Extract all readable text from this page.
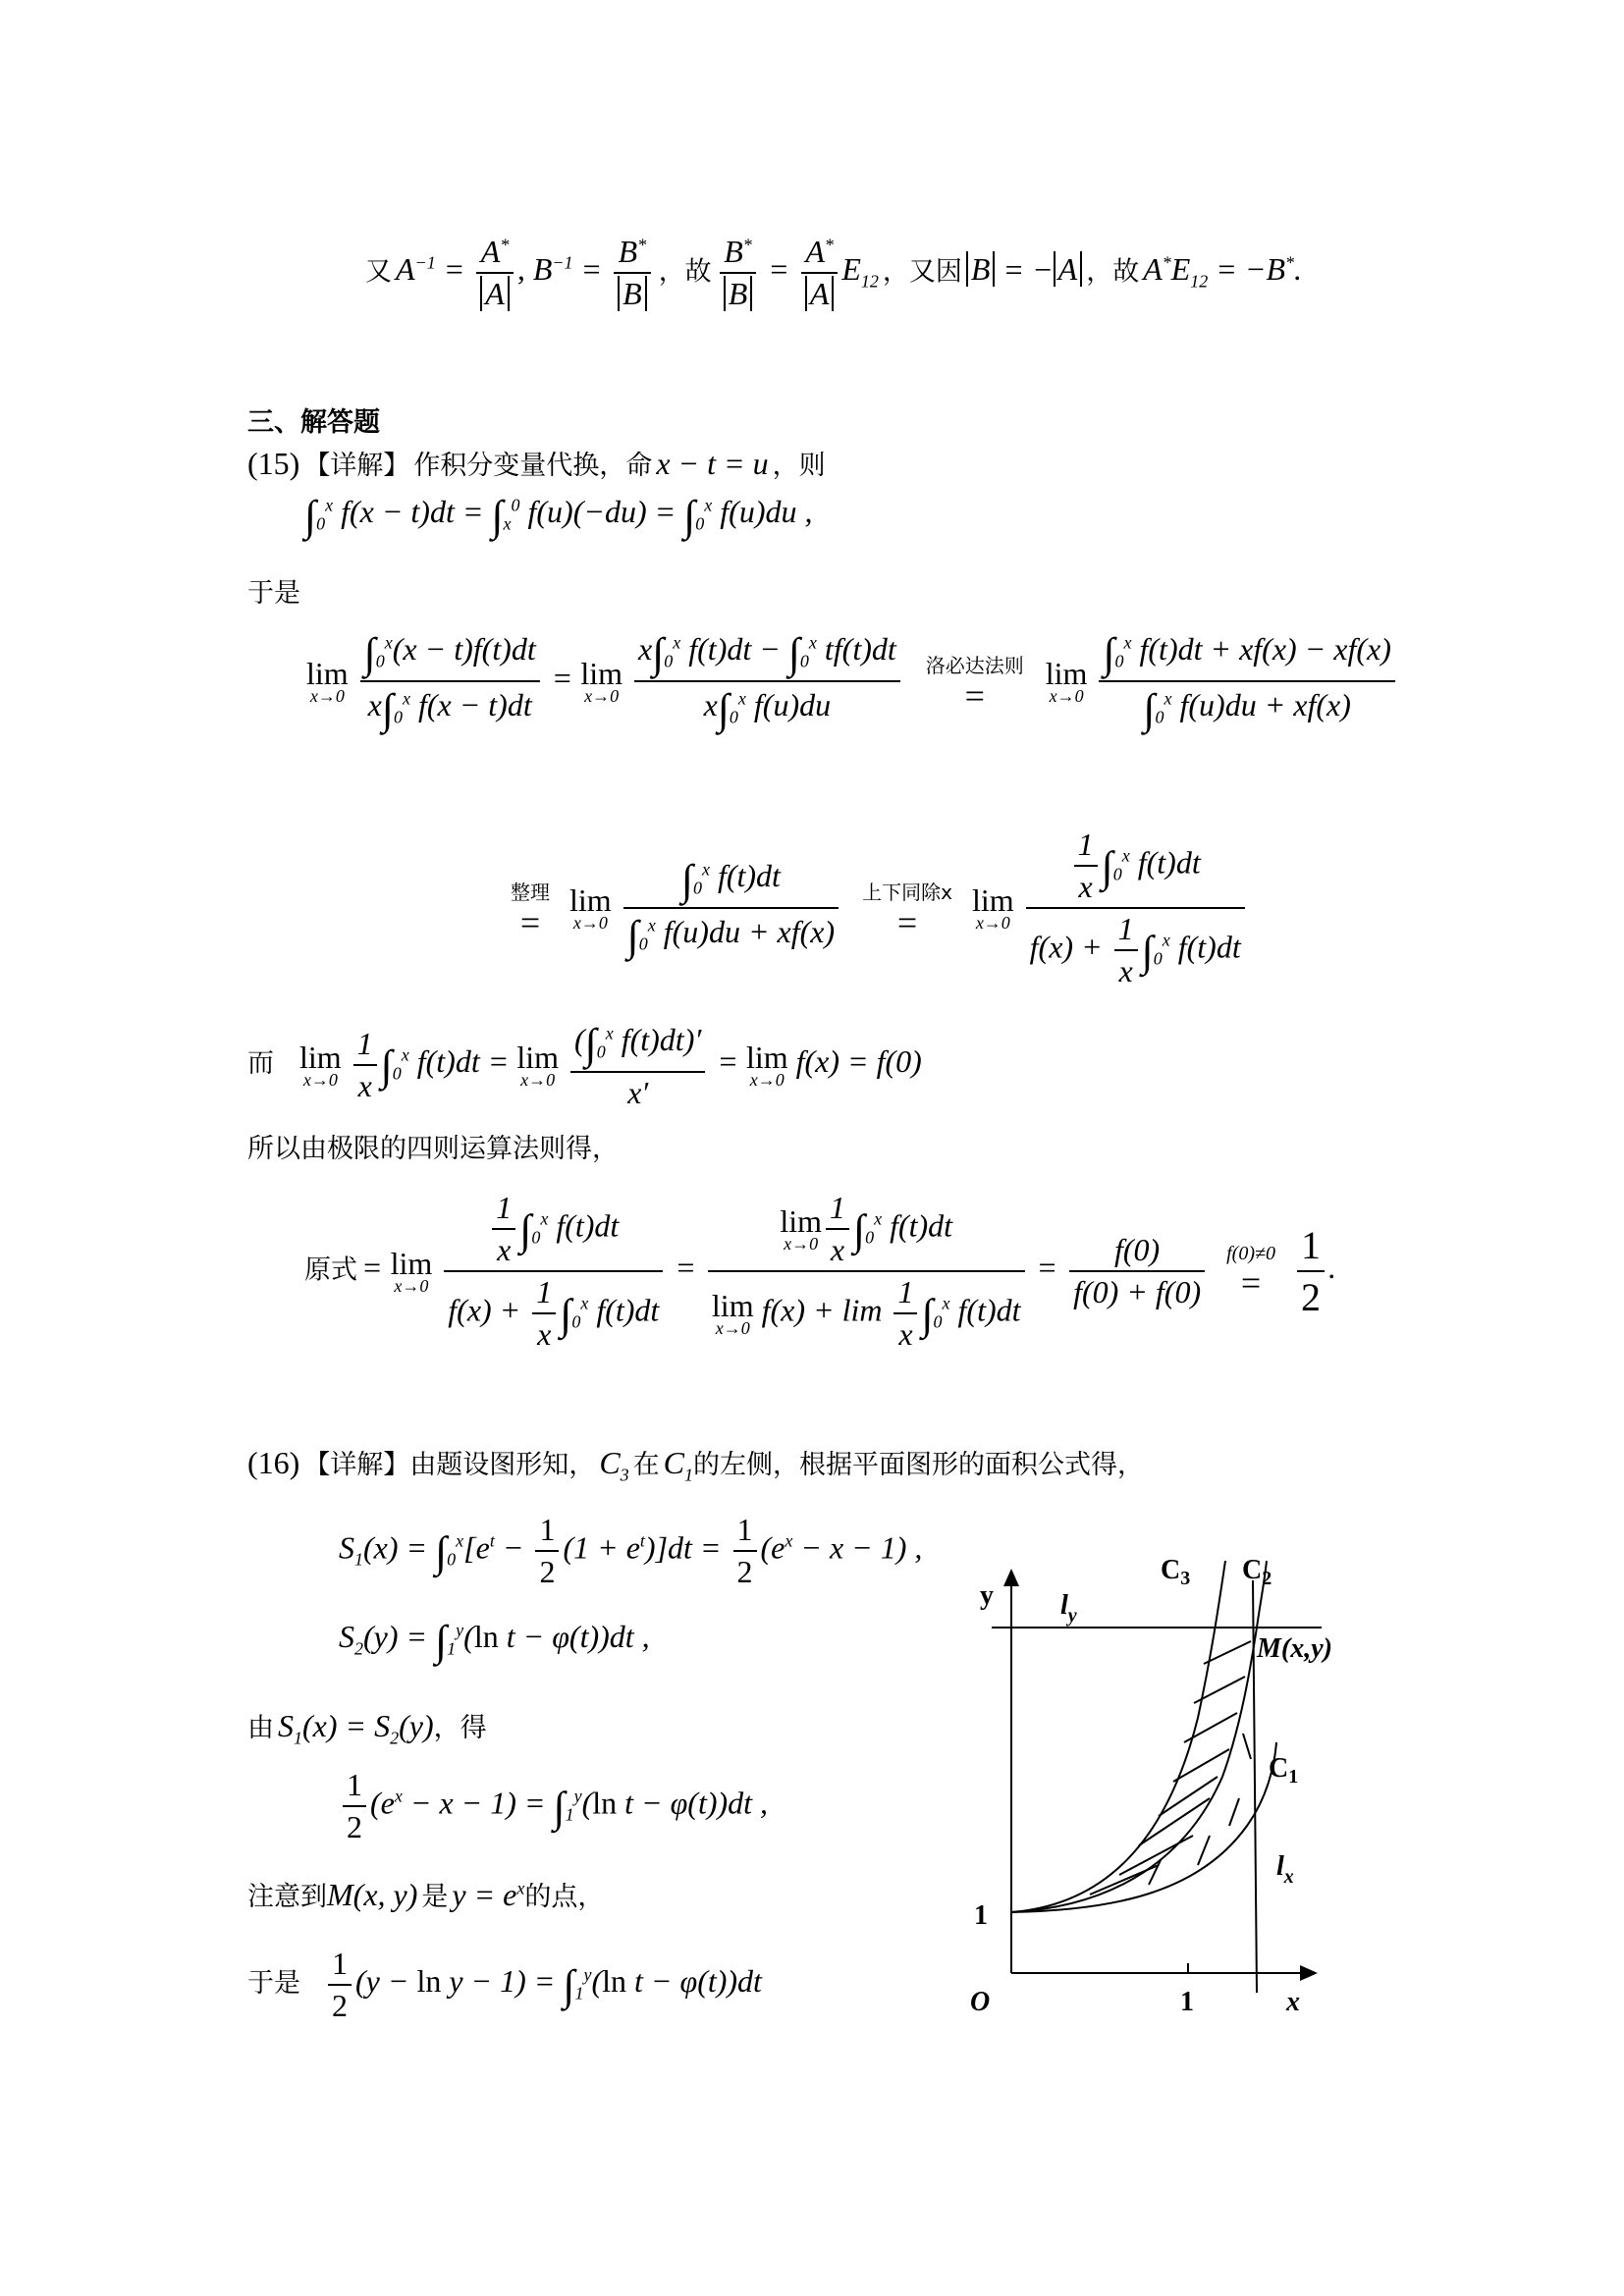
又 $A^{-1} = \frac{A^*}{A}$ , $B^{-1} = \frac{B^*}{B}$ ，故 $\frac{B^*}{B} = \frac{A^*}{A} E_{12}$ ，又因 B = − A ，故 $A^*E_{12} = -B^*$.
三、解答题
(15) 【详解】 作积分变量代换，命 x − t = u ，则
$\int_0^x$ $f(x - t)dt = \int_x^0$ $f(u)(-du) = \int_0^x$ f(u)du ,
于是
lim
x→0
$\frac{\int_0^x(x - t)f(t)dt}{x\int_0^x f(x - t)dt} = \lim$
x→0
$\frac{x\int_0^x f(t)dt - \int_0^x tf(t)dt}{x\int_0^x f(u)du}$
洛必达法则
=

lim
x→0
$\frac{\int_0^x f(t)dt + xf(x) - xf(x)}{\int_0^x f(u)du + xf(x)}$
整理
=

lim
x→0
$\frac{\int_0^x f(t)dt}{\int_0^x f(u)du + xf(x)}$
上下同除x
=

lim
x→0
$\frac{\frac{1}{x} \int_0^x f(t)dt}{f(x) + \frac{1}{x} \int_0^x f(t)dt}$
而 lim
x→0
$\frac{1}{x} \int_0^x$ f(t)dt = lim
x→0
$\frac{(\int_0^x f(t)dt)'}{x'} = \lim$
x→0
f(x) = f(0)
所以由极限的四则运算法则得，
原式 = lim
x→0
$\frac{\frac{1}{x} \int_0^x f(t)dt}{f(x) + \frac{1}{x} \int_0^x f(t)dt} = \lim$
$x\to 0 \frac{1}{x} \int_0^x$ f(t)dt
lim
x→0
$f(x) + \lim \frac{1}{x} \int_0^x$ $f(t)dt = \frac{f(0)}{f(0) + f(0)}$
f(0)≠0
=
$\frac{1}{2}$ .
(16) 【详解】由题设图形知， $C_3$ 在 $C_1$的左侧，根据平面图形的面积公式得，
$S_1(x) = \int_0^x[e^t - \frac{1}{2} (1 + e^t)]dt = \frac{1}{2} (e^x - x - 1)$ ,
$S_2(y) = \int_1^y(\ln$ t − φ(t))dt ,
由 $S_1(x) = S_2(y)$，得
$\frac{1}{2} (e^x - x - 1) = \int_1^y(\ln$ t − φ(t))dt ,
注意到M(x, y) 是 $y = e^x$的点，
于是 $\frac{1}{2} (y - \ln y - 1) = \int_1^y(\ln$ t − φ(t))dt
y $l_y$
$C_3$ $C_2$
M(x,y)
$C_1$
$l_x$
1
O	1	x
